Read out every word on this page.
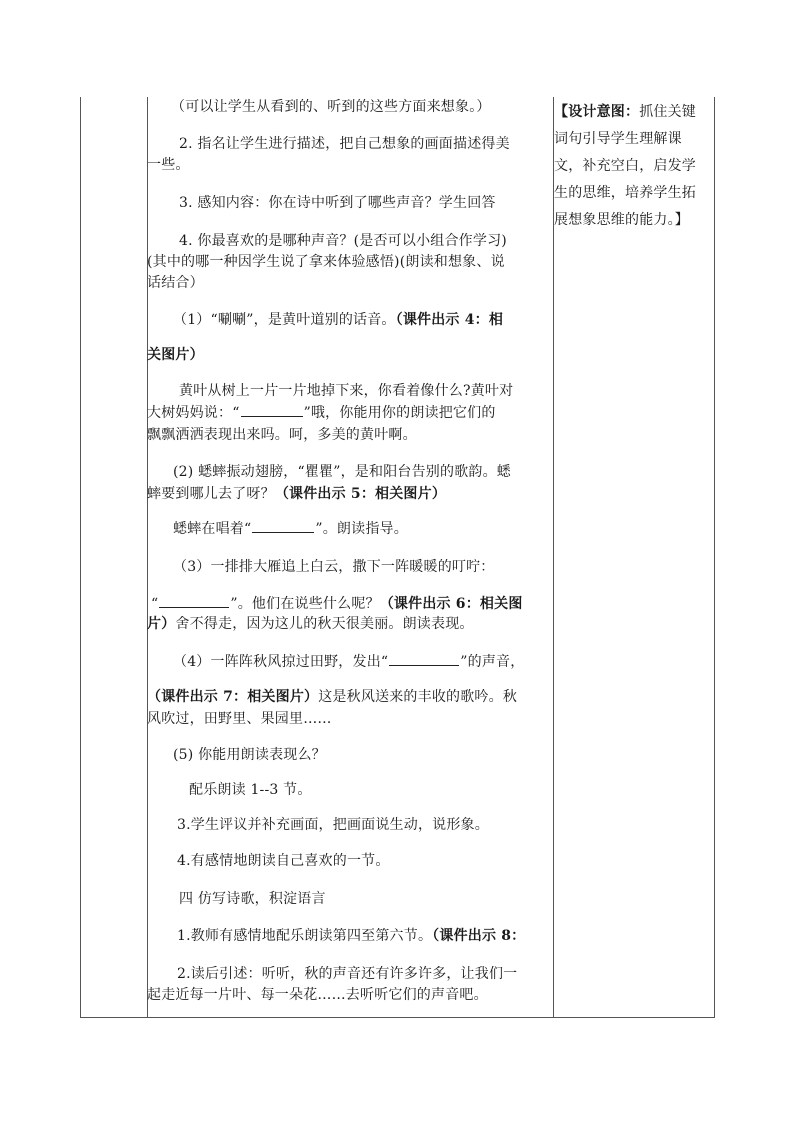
（可以让学生从看到的、听到的这些方面来想象。）
2. 指名让学生进行描述，把自己想象的画面描述得美
一些。
3. 感知内容：你在诗中听到了哪些声音？学生回答
4. 你最喜欢的是哪种声音？(是否可以小组合作学习)
(其中的哪一种因学生说了拿来体验感悟)(朗读和想象、说
话结合）
（1）“唰唰”，是黄叶道别的话音。（课件出示 4：相
关图片）
黄叶从树上一片一片地掉下来，你看着像什么?黄叶对
大树妈妈说：“	”哦，你能用你的朗读把它们的
飘飘洒洒表现出来吗。呵，多美的黄叶啊。
(2) 蟋蟀振动翅膀，“瞿瞿”，是和阳台告别的歌韵。蟋
蟀要到哪儿去了呀？（课件出示 5：相关图片）
蟋蟀在唱着“	”。朗读指导。
（3）一排排大雁追上白云，撒下一阵暖暖的叮咛：
“	”。他们在说些什么呢？（课件出示 6：相关图
片）舍不得走，因为这儿的秋天很美丽。朗读表现。
（4）一阵阵秋风掠过田野，发出“	”的声音，
（课件出示 7：相关图片）这是秋风送来的丰收的歌吟。秋
风吹过，田野里、果园里……
(5) 你能用朗读表现么？
配乐朗读 1--3 节。
3.学生评议并补充画面，把画面说生动，说形象。
4.有感情地朗读自己喜欢的一节。
四 仿写诗歌，积淀语言
1.教师有感情地配乐朗读第四至第六节。（课件出示 8：
2.读后引述：听听，秋的声音还有许多许多，让我们一
起走近每一片叶、每一朵花……去听听它们的声音吧。
【设计意图：抓住关键
词句引导学生理解课
文，补充空白，启发学
生的思维，培养学生拓
展想象思维的能力。】
